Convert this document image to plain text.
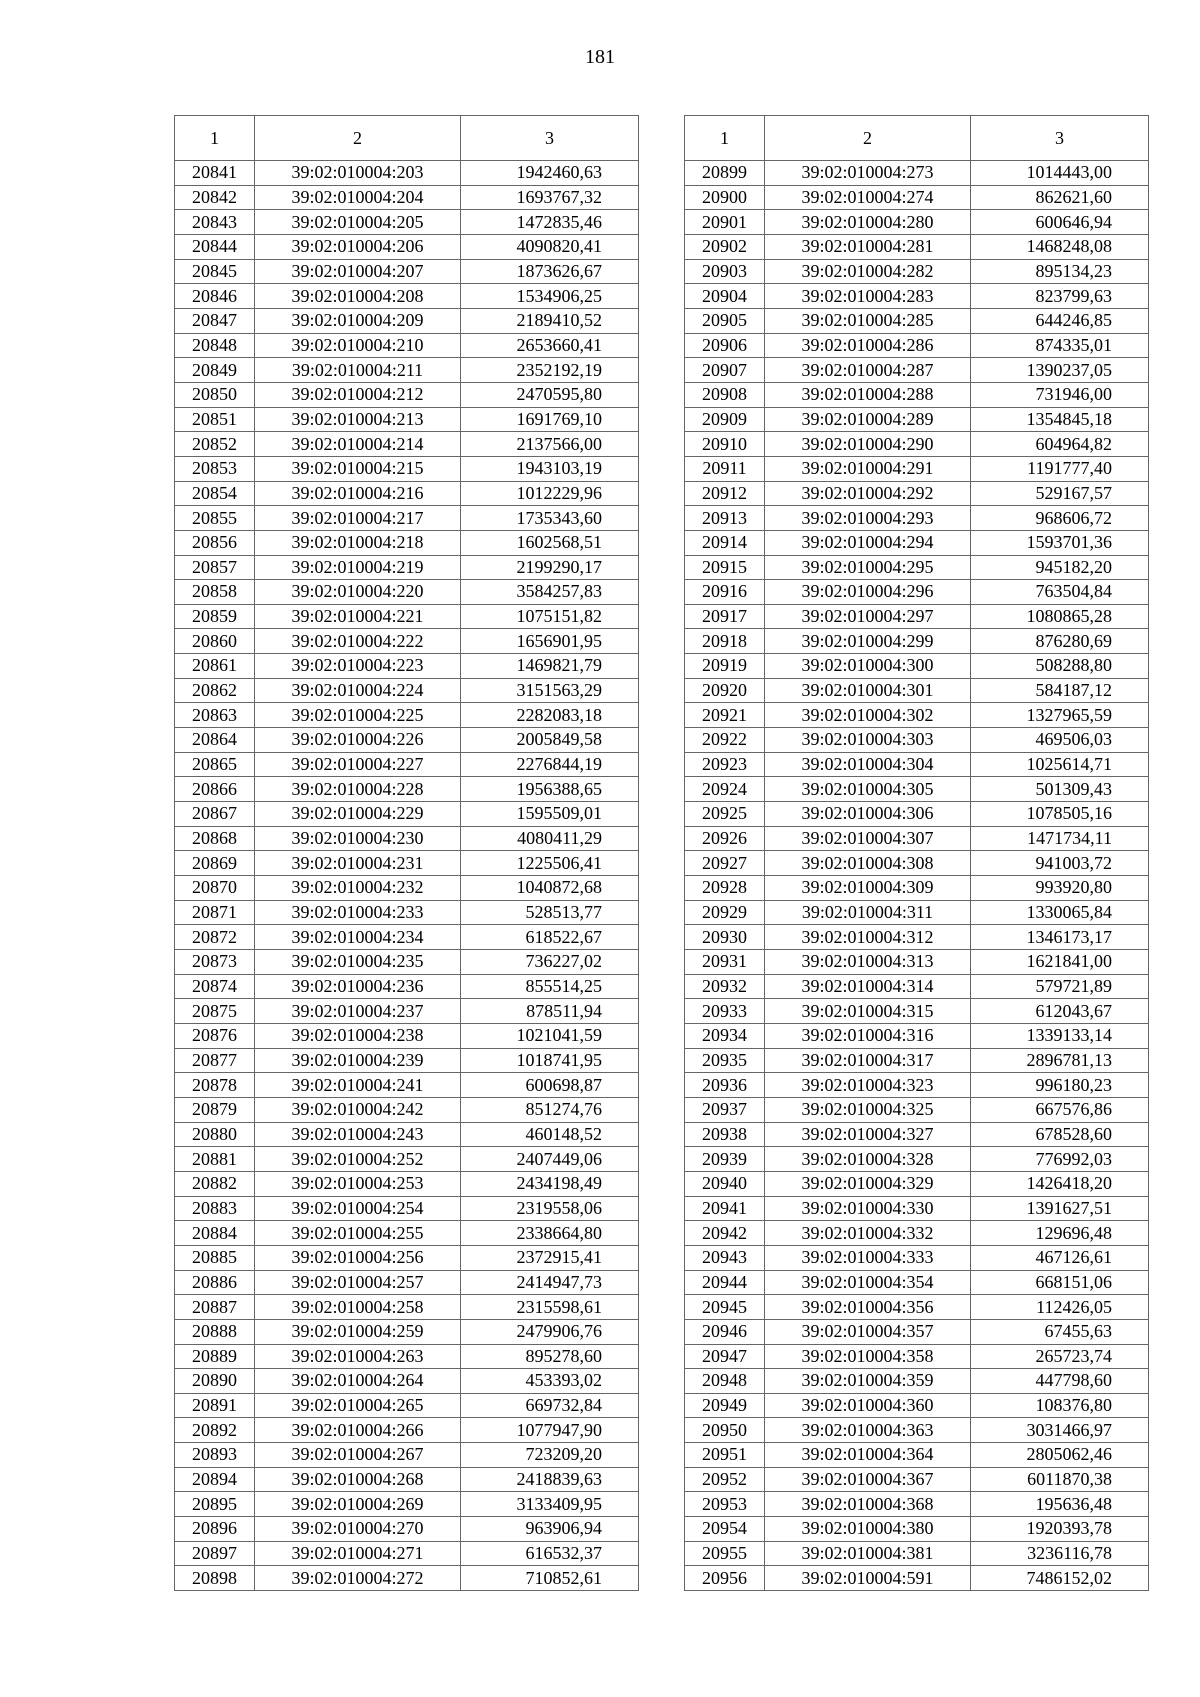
181
1	2	3
20841	39:02:010004:203	1942460,63
20842	39:02:010004:204	1693767,32
20843	39:02:010004:205	1472835,46
20844	39:02:010004:206	4090820,41
20845	39:02:010004:207	1873626,67
20846	39:02:010004:208	1534906,25
20847	39:02:010004:209	2189410,52
20848	39:02:010004:210	2653660,41
20849	39:02:010004:211	2352192,19
20850	39:02:010004:212	2470595,80
20851	39:02:010004:213	1691769,10
20852	39:02:010004:214	2137566,00
20853	39:02:010004:215	1943103,19
20854	39:02:010004:216	1012229,96
20855	39:02:010004:217	1735343,60
20856	39:02:010004:218	1602568,51
20857	39:02:010004:219	2199290,17
20858	39:02:010004:220	3584257,83
20859	39:02:010004:221	1075151,82
20860	39:02:010004:222	1656901,95
20861	39:02:010004:223	1469821,79
20862	39:02:010004:224	3151563,29
20863	39:02:010004:225	2282083,18
20864	39:02:010004:226	2005849,58
20865	39:02:010004:227	2276844,19
20866	39:02:010004:228	1956388,65
20867	39:02:010004:229	1595509,01
20868	39:02:010004:230	4080411,29
20869	39:02:010004:231	1225506,41
20870	39:02:010004:232	1040872,68
20871	39:02:010004:233	528513,77
20872	39:02:010004:234	618522,67
20873	39:02:010004:235	736227,02
20874	39:02:010004:236	855514,25
20875	39:02:010004:237	878511,94
20876	39:02:010004:238	1021041,59
20877	39:02:010004:239	1018741,95
20878	39:02:010004:241	600698,87
20879	39:02:010004:242	851274,76
20880	39:02:010004:243	460148,52
20881	39:02:010004:252	2407449,06
20882	39:02:010004:253	2434198,49
20883	39:02:010004:254	2319558,06
20884	39:02:010004:255	2338664,80
20885	39:02:010004:256	2372915,41
20886	39:02:010004:257	2414947,73
20887	39:02:010004:258	2315598,61
20888	39:02:010004:259	2479906,76
20889	39:02:010004:263	895278,60
20890	39:02:010004:264	453393,02
20891	39:02:010004:265	669732,84
20892	39:02:010004:266	1077947,90
20893	39:02:010004:267	723209,20
20894	39:02:010004:268	2418839,63
20895	39:02:010004:269	3133409,95
20896	39:02:010004:270	963906,94
20897	39:02:010004:271	616532,37
20898	39:02:010004:272	710852,61
1	2	3
20899	39:02:010004:273	1014443,00
20900	39:02:010004:274	862621,60
20901	39:02:010004:280	600646,94
20902	39:02:010004:281	1468248,08
20903	39:02:010004:282	895134,23
20904	39:02:010004:283	823799,63
20905	39:02:010004:285	644246,85
20906	39:02:010004:286	874335,01
20907	39:02:010004:287	1390237,05
20908	39:02:010004:288	731946,00
20909	39:02:010004:289	1354845,18
20910	39:02:010004:290	604964,82
20911	39:02:010004:291	1191777,40
20912	39:02:010004:292	529167,57
20913	39:02:010004:293	968606,72
20914	39:02:010004:294	1593701,36
20915	39:02:010004:295	945182,20
20916	39:02:010004:296	763504,84
20917	39:02:010004:297	1080865,28
20918	39:02:010004:299	876280,69
20919	39:02:010004:300	508288,80
20920	39:02:010004:301	584187,12
20921	39:02:010004:302	1327965,59
20922	39:02:010004:303	469506,03
20923	39:02:010004:304	1025614,71
20924	39:02:010004:305	501309,43
20925	39:02:010004:306	1078505,16
20926	39:02:010004:307	1471734,11
20927	39:02:010004:308	941003,72
20928	39:02:010004:309	993920,80
20929	39:02:010004:311	1330065,84
20930	39:02:010004:312	1346173,17
20931	39:02:010004:313	1621841,00
20932	39:02:010004:314	579721,89
20933	39:02:010004:315	612043,67
20934	39:02:010004:316	1339133,14
20935	39:02:010004:317	2896781,13
20936	39:02:010004:323	996180,23
20937	39:02:010004:325	667576,86
20938	39:02:010004:327	678528,60
20939	39:02:010004:328	776992,03
20940	39:02:010004:329	1426418,20
20941	39:02:010004:330	1391627,51
20942	39:02:010004:332	129696,48
20943	39:02:010004:333	467126,61
20944	39:02:010004:354	668151,06
20945	39:02:010004:356	112426,05
20946	39:02:010004:357	67455,63
20947	39:02:010004:358	265723,74
20948	39:02:010004:359	447798,60
20949	39:02:010004:360	108376,80
20950	39:02:010004:363	3031466,97
20951	39:02:010004:364	2805062,46
20952	39:02:010004:367	6011870,38
20953	39:02:010004:368	195636,48
20954	39:02:010004:380	1920393,78
20955	39:02:010004:381	3236116,78
20956	39:02:010004:591	7486152,02
